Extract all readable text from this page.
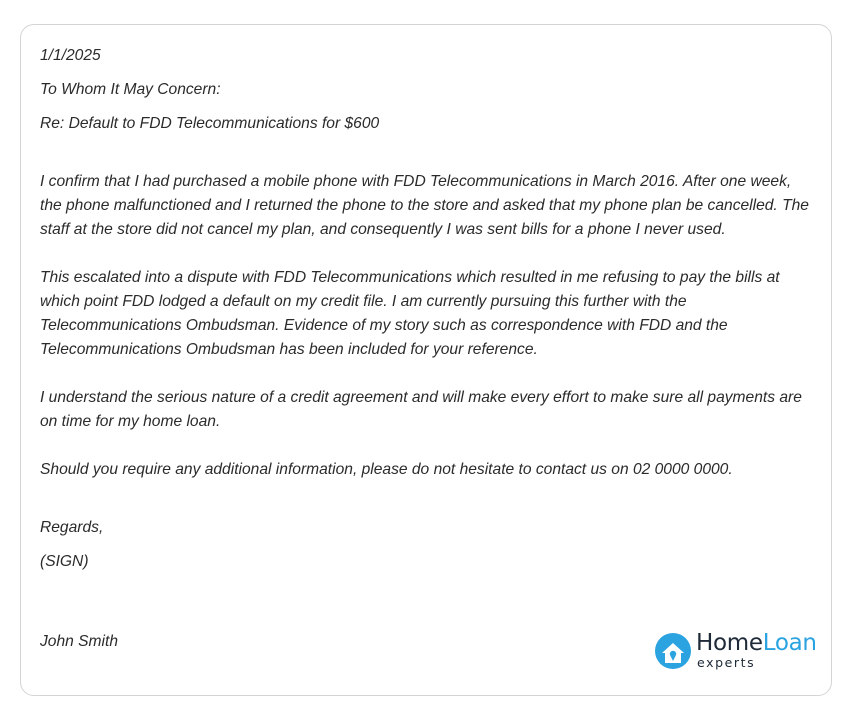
1/1/2025
To Whom It May Concern:
Re: Default to FDD Telecommunications for $600
I confirm that I had purchased a mobile phone with FDD Telecommunications in March 2016. After one week,
the phone malfunctioned and I returned the phone to the store and asked that my phone plan be cancelled. The
staff at the store did not cancel my plan, and consequently I was sent bills for a phone I never used.
This escalated into a dispute with FDD Telecommunications which resulted in me refusing to pay the bills at
which point FDD lodged a default on my credit file. I am currently pursuing this further with the
Telecommunications Ombudsman. Evidence of my story such as correspondence with FDD and the
Telecommunications Ombudsman has been included for your reference.
I understand the serious nature of a credit agreement and will make every effort to make sure all payments are
on time for my home loan.
Should you require any additional information, please do not hesitate to contact us on 02 0000 0000.
Regards,
(SIGN)
John Smith	HomeLoan
experts
